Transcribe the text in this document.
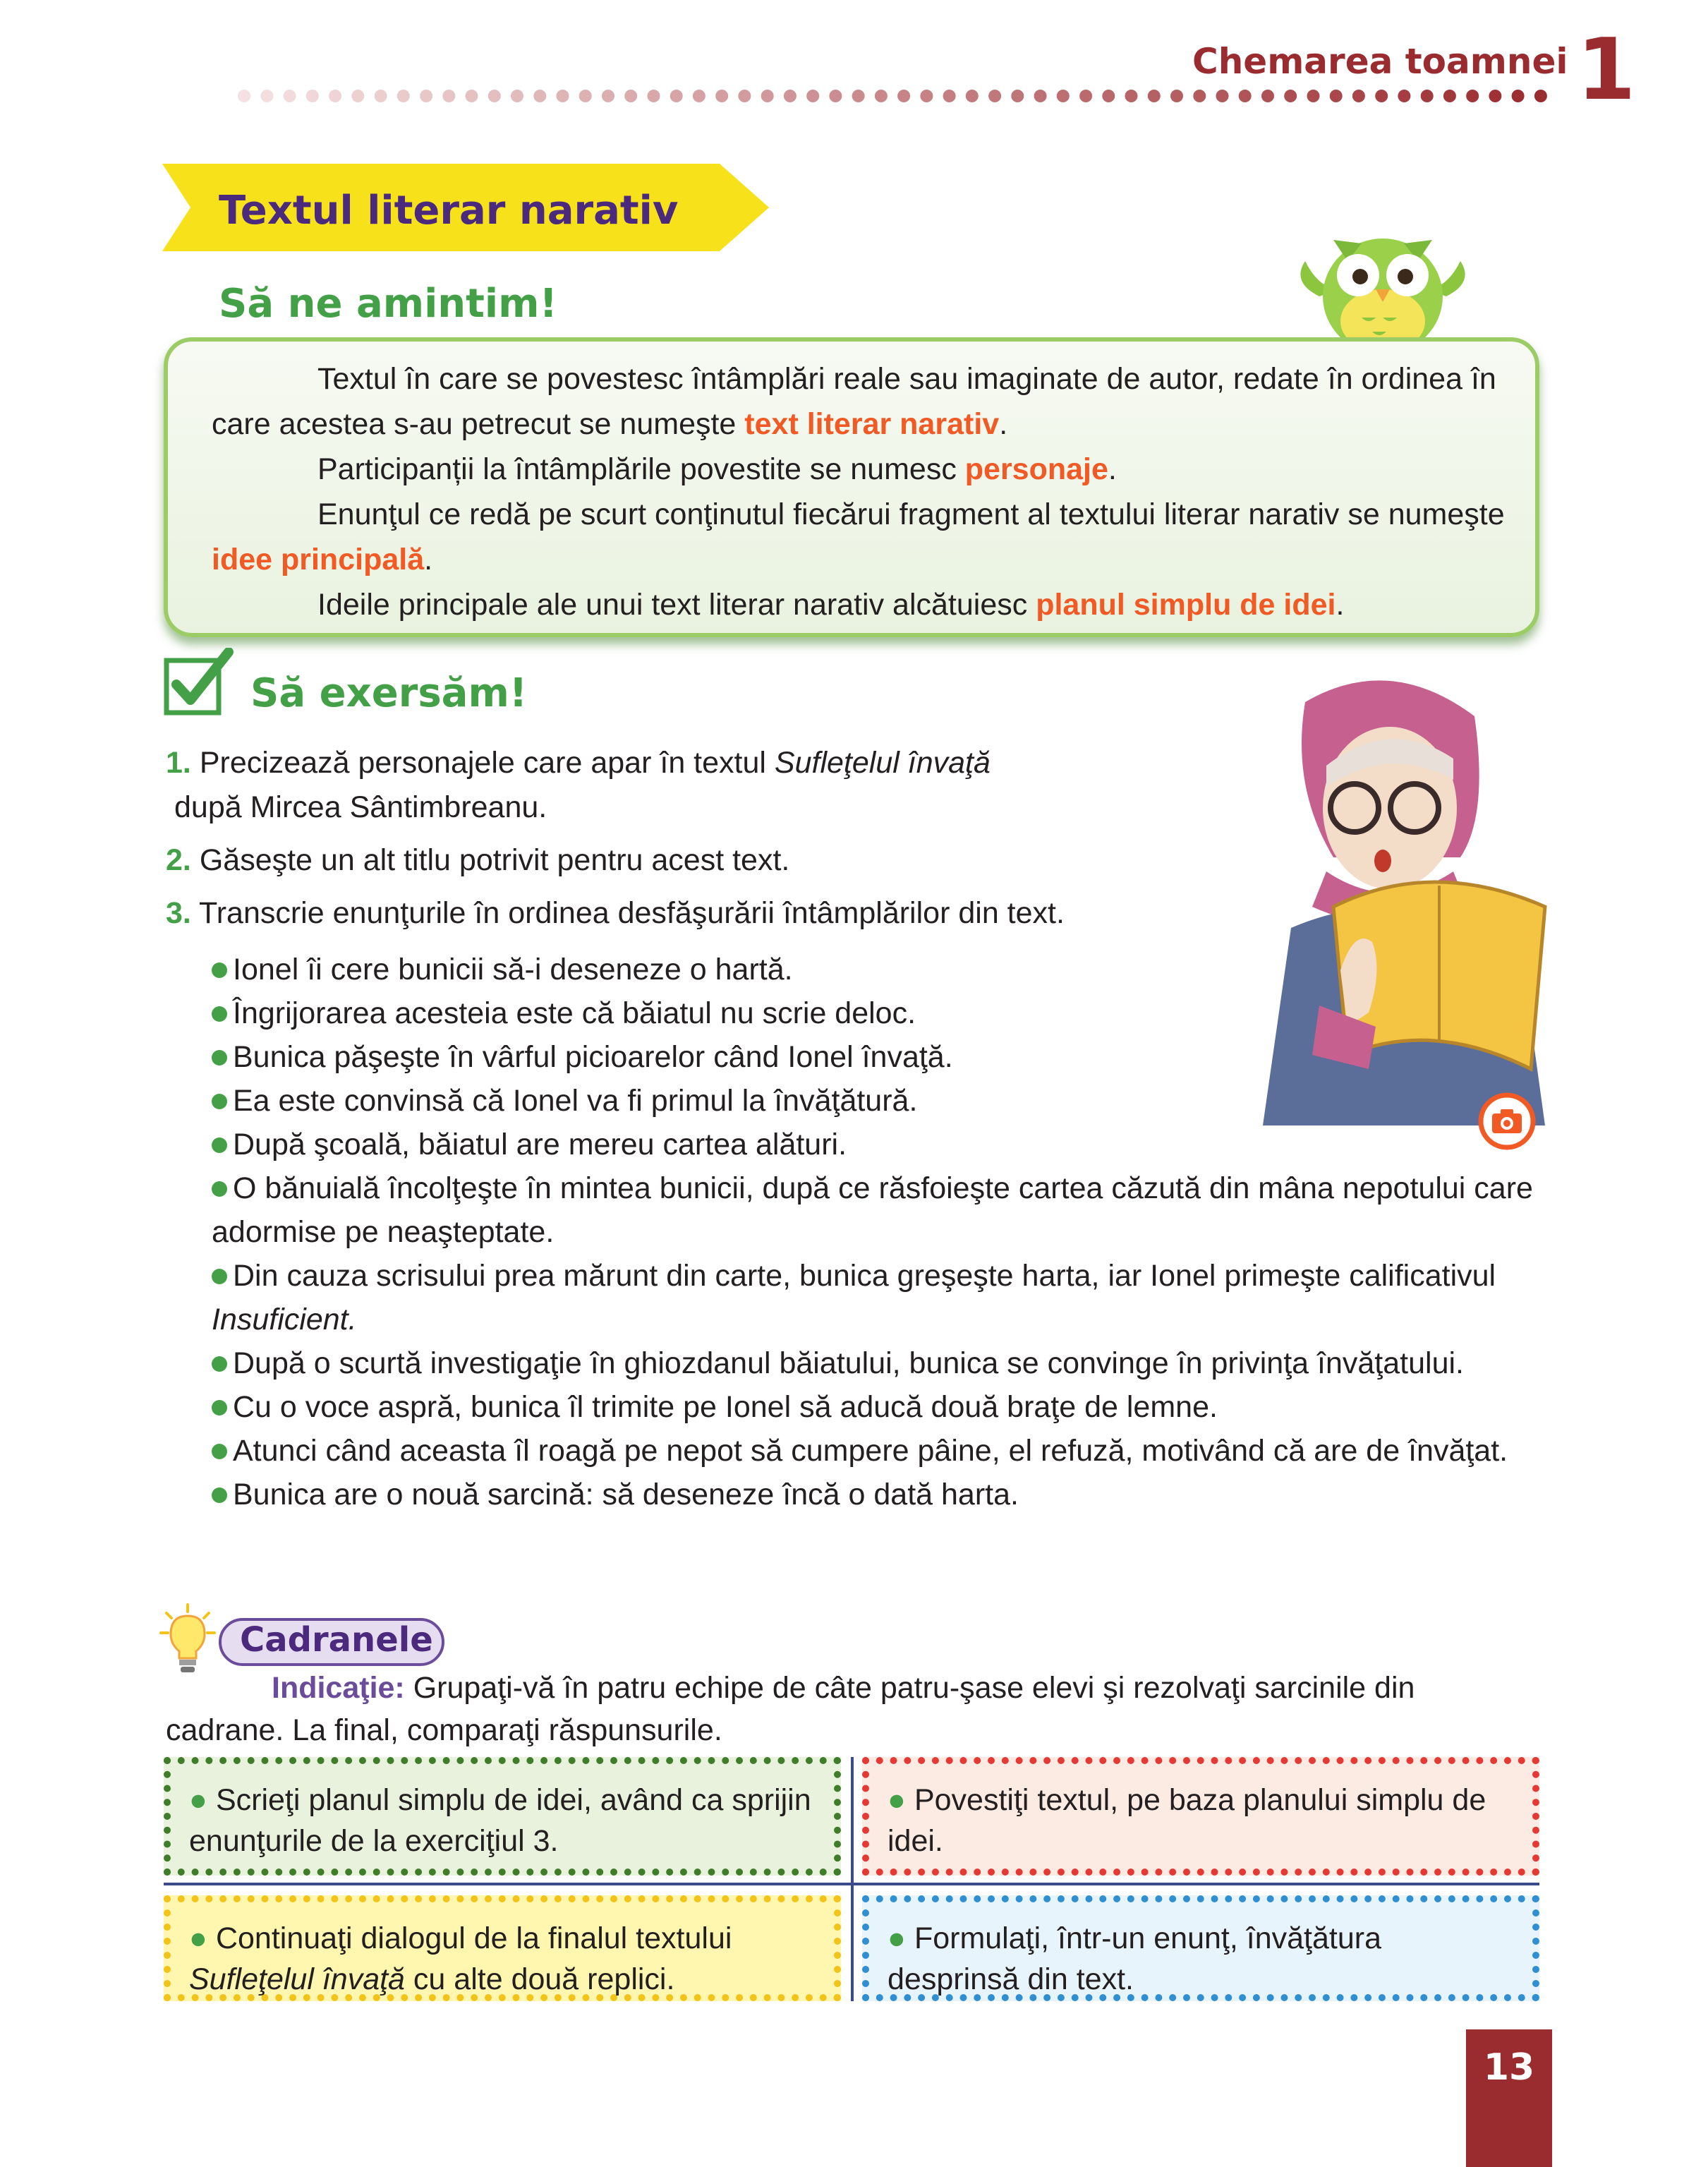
Chemarea toamnei 1
Textul literar narativ
Să ne amintim!

Textul în care se povestesc întâmplări reale sau imaginate de autor, redate în ordinea în care acestea s-au petrecut se numeşte text literar narativ.

Participanții la întâmplările povestite se numesc personaje.

Enunţul ce redă pe scurt conţinutul fiecărui fragment al textului literar narativ se numeşte idee principală.

Ideile principale ale unui text literar narativ alcătuiesc planul simplu de idei.

Să exersăm!

1. Precizează personajele care apar în textul Sufleţelul învaţă
după Mircea Sântimbreanu.

2. Găseşte un alt titlu potrivit pentru acest text.

3. Transcrie enunţurile în ordinea desfăşurării întâmplărilor din text.

Ionel îi cere bunicii să-i deseneze o hartă.

Îngrijorarea acesteia este că băiatul nu scrie deloc.

Bunica păşeşte în vârful picioarelor când Ionel învaţă.

Ea este convinsă că Ionel va fi primul la învăţătură.

După şcoală, băiatul are mereu cartea alături.

O bănuială încolţeşte în mintea bunicii, după ce răsfoieşte cartea căzută din mâna nepotului care adormise pe neaşteptate.

Din cauza scrisului prea mărunt din carte, bunica greşeşte harta, iar Ionel primeşte calificativul Insuficient.

După o scurtă investigaţie în ghiozdanul băiatului, bunica se convinge în privinţa învăţatului.

Cu o voce aspră, bunica îl trimite pe Ionel să aducă două braţe de lemne.

Atunci când aceasta îl roagă pe nepot să cumpere pâine, el refuză, motivând că are de învăţat.

Bunica are o nouă sarcină: să deseneze încă o dată harta.

Cadranele

Indicaţie: Grupaţi-vă în patru echipe de câte patru-şase elevi şi rezolvaţi sarcinile din cadrane. La final, comparaţi răspunsurile.

● Scrieţi planul simplu de idei, având ca sprijin enunţurile de la exerciţiul 3.
● Povestiţi textul, pe baza planului simplu de idei.
● Continuaţi dialogul de la finalul textului Sufleţelul învaţă cu alte două replici.
● Formulaţi, într-un enunţ, învăţătura desprinsă din text.
13
